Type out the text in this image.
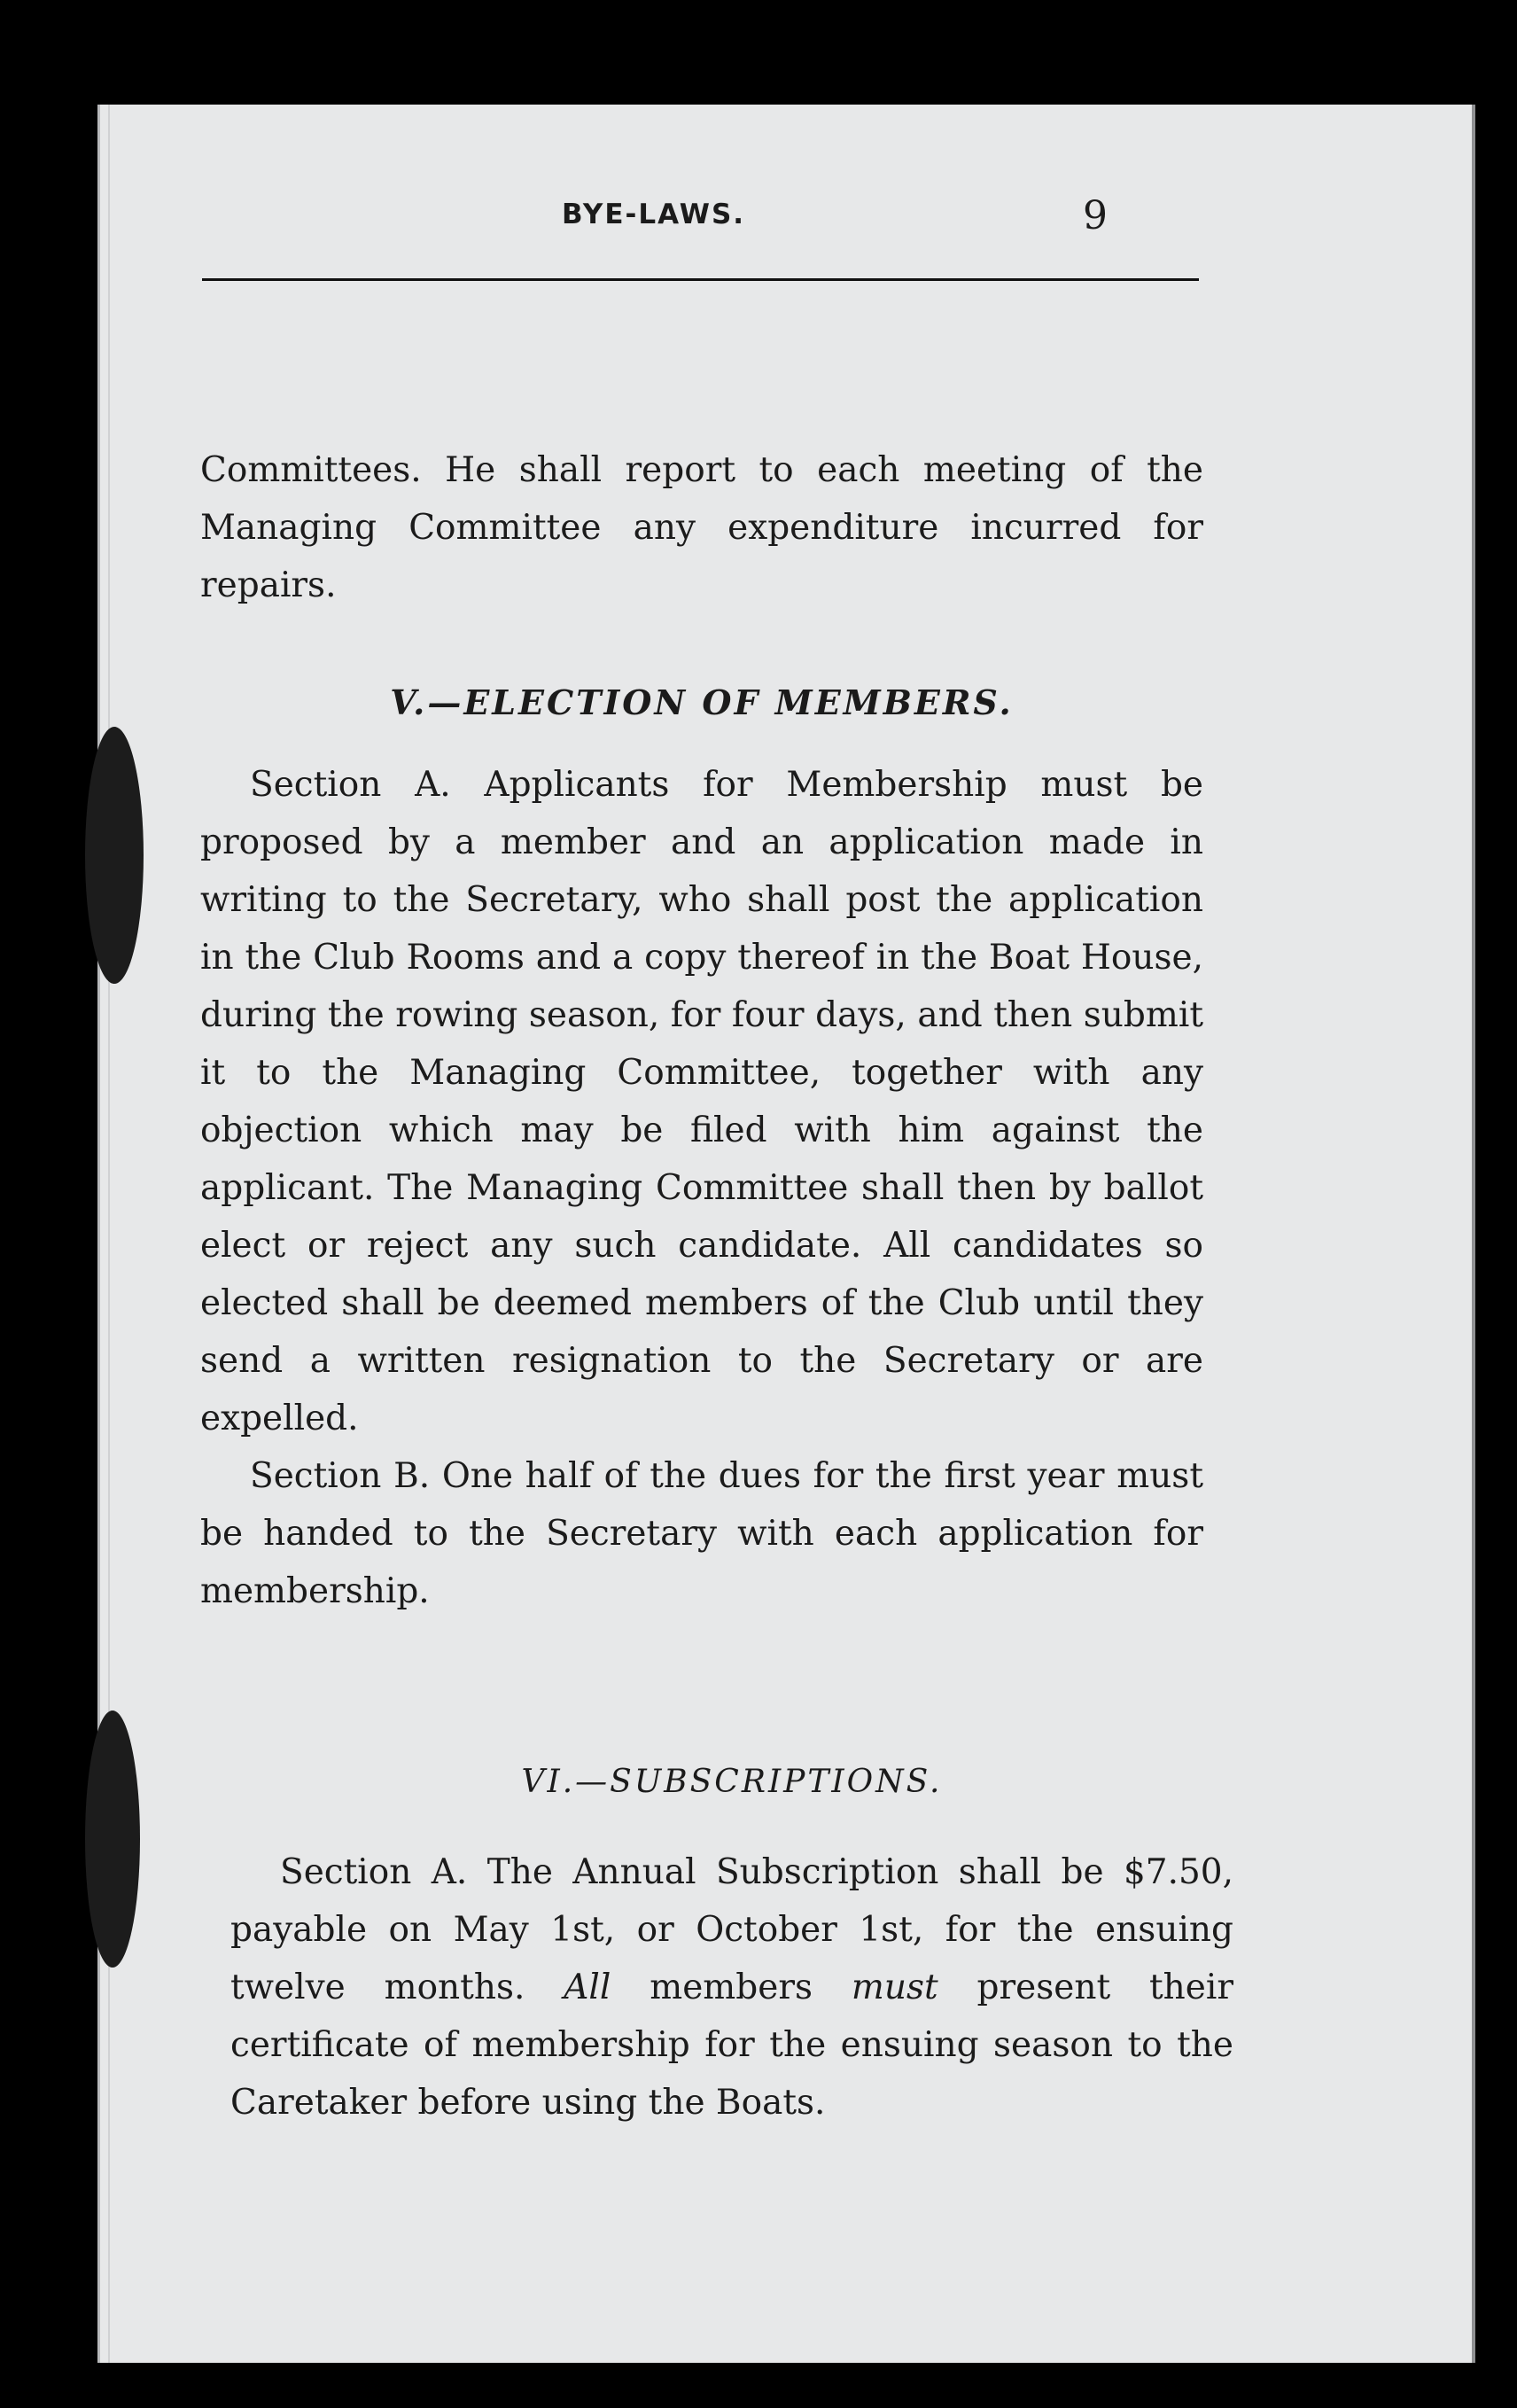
BYE-LAWS.	9

Committees. He shall report to each meeting of the Managing Committee any expenditure incurred for repairs.

V.—ELECTION OF MEMBERS.

Section A. Applicants for Membership must be proposed by a member and an application made in writing to the Secretary, who shall post the application in the Club Rooms and a copy thereof in the Boat House, during the rowing season, for four days, and then submit it to the Managing Committee, together with any objection which may be filed with him against the applicant. The Managing Committee shall then by ballot elect or reject any such candidate. All candidates so elected shall be deemed members of the Club until they send a written resignation to the Secretary or are expelled.

Section B. One half of the dues for the first year must be handed to the Secretary with each application for membership.

VI.—SUBSCRIPTIONS.

Section A. The Annual Subscription shall be $7.50, payable on May 1st, or October 1st, for the ensuing twelve months. All members must present their certificate of membership for the ensuing season to the Caretaker before using the Boats.
